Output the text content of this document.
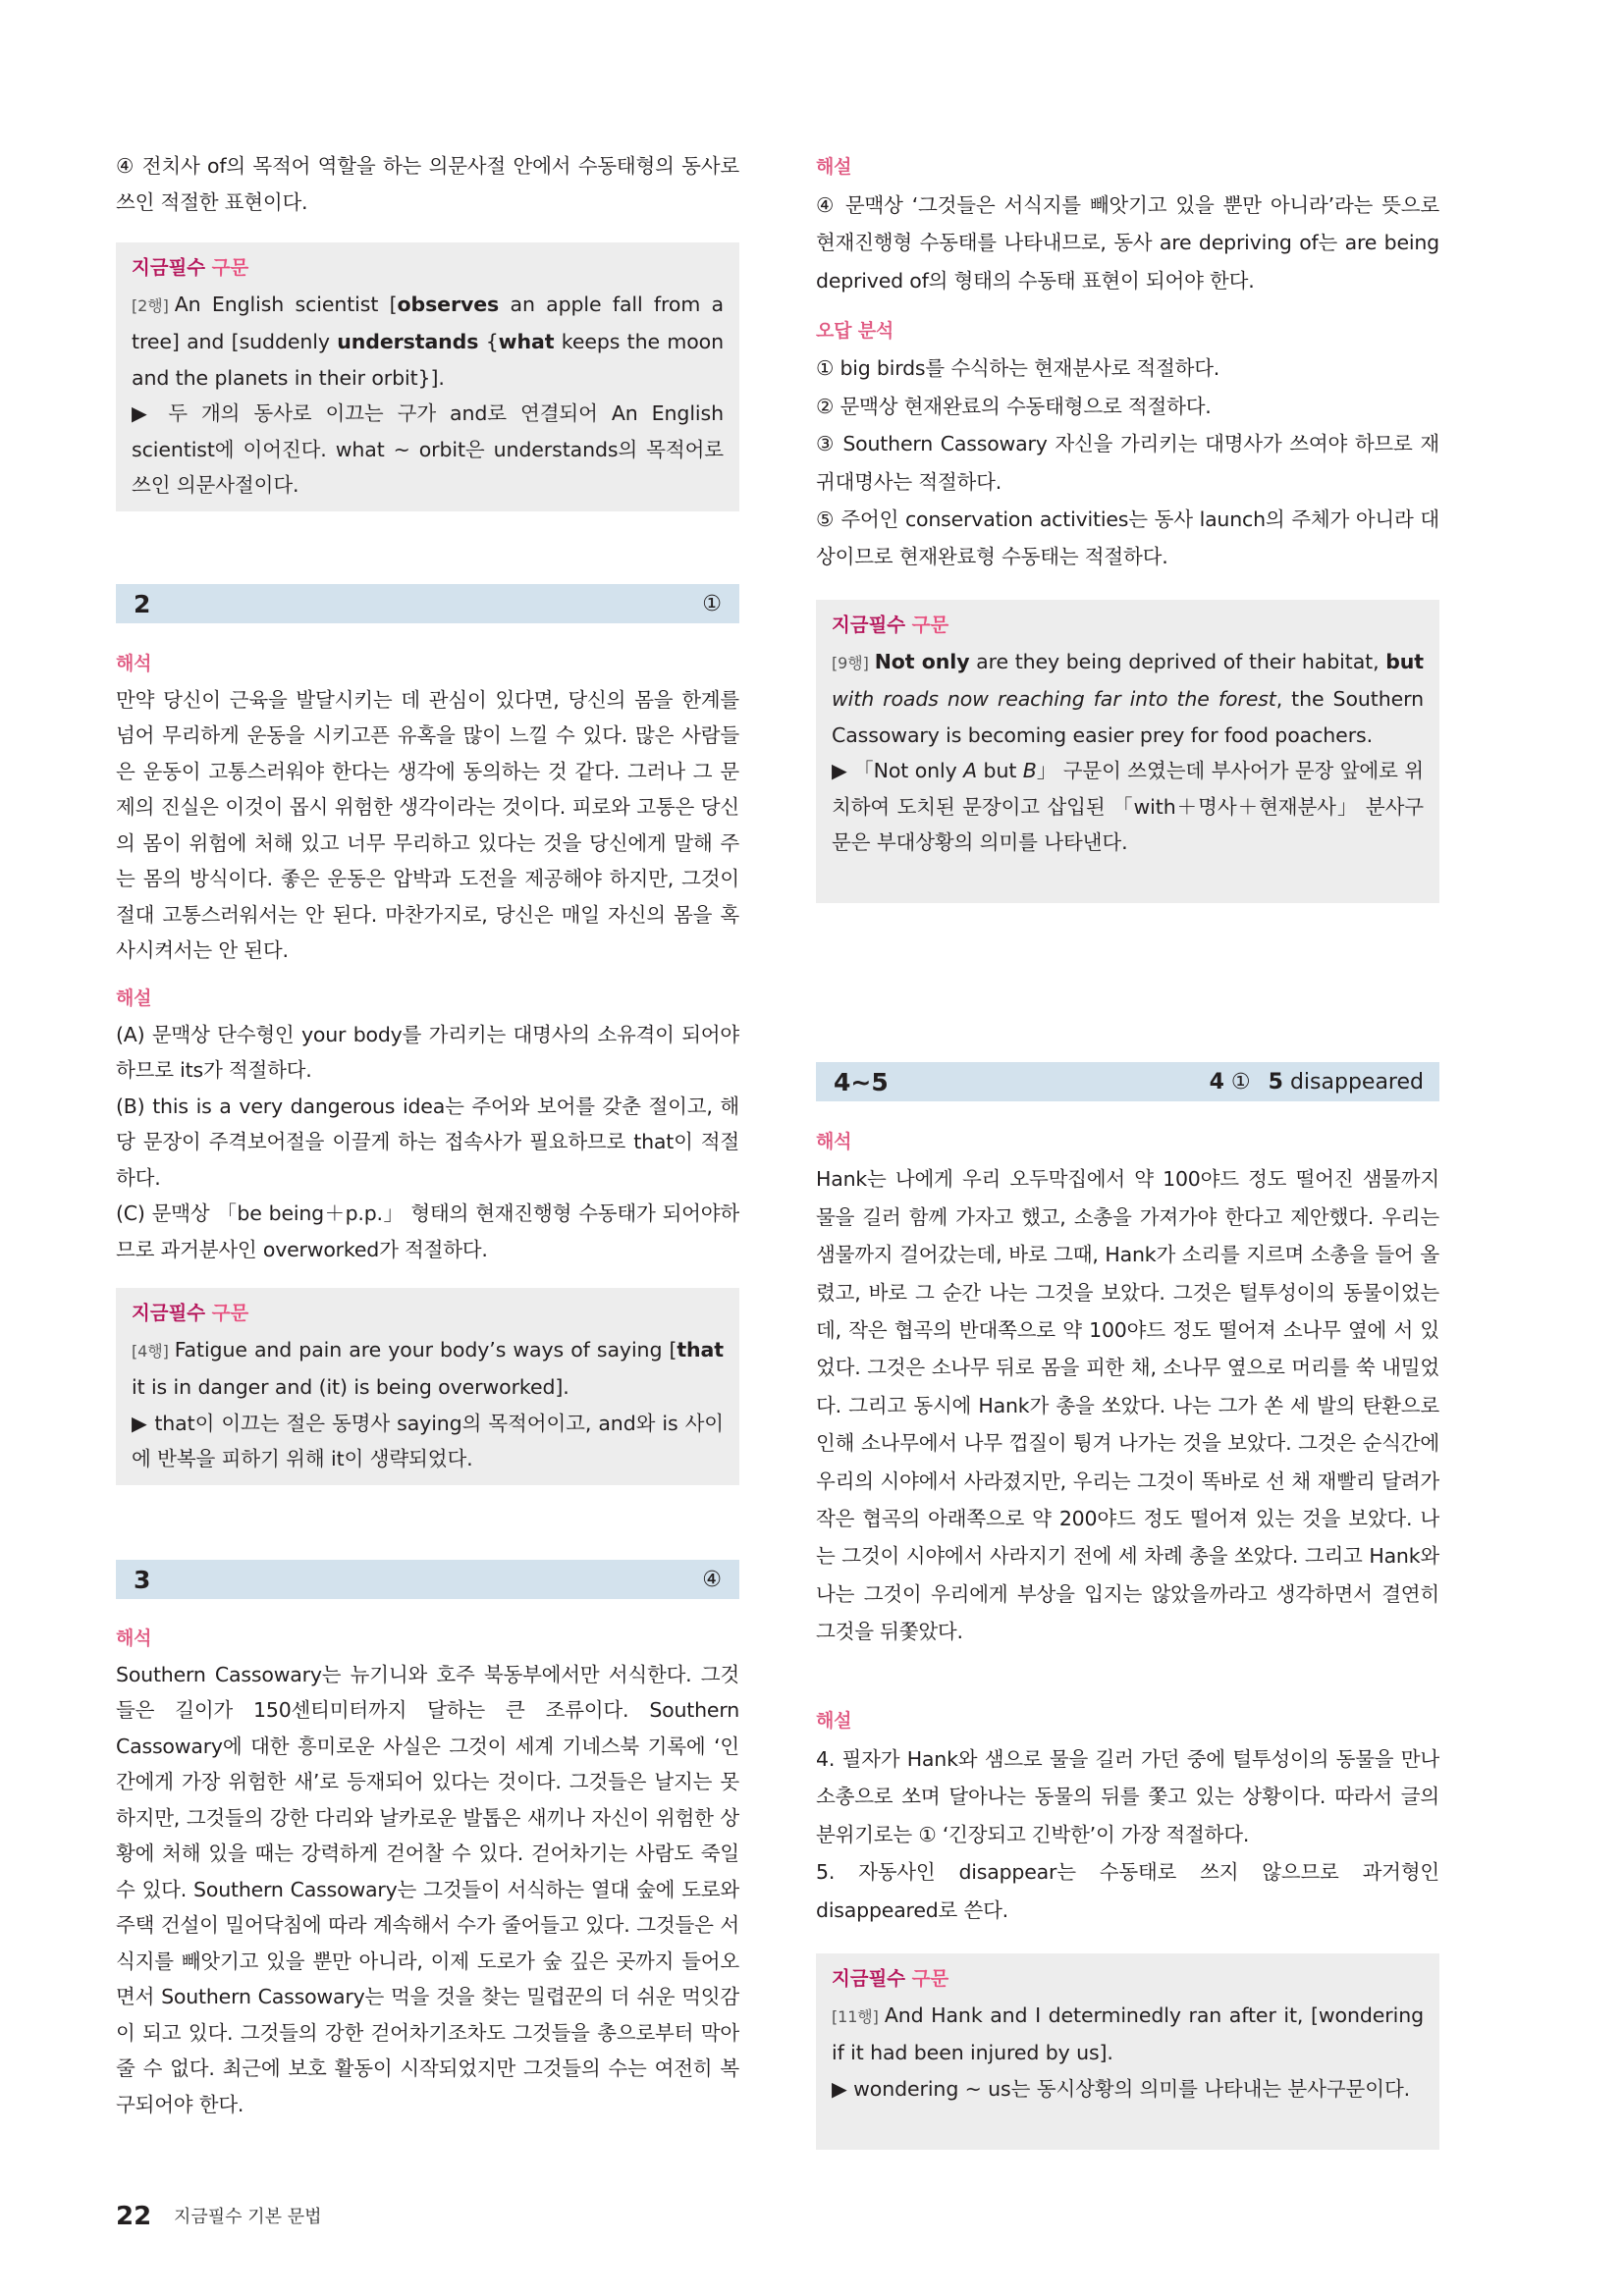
④ 전치사 of의 목적어 역할을 하는 의문사절 안에서 수동태형의 동사로 쓰인 적절한 표현이다.
지금필수 구문
[2행] An English scientist [observes an apple fall from a tree] and [suddenly understands {what keeps the moon and the planets in their orbit}].
▶ 두 개의 동사로 이끄는 구가 and로 연결되어 An English scientist에 이어진다. what ~ orbit은 understands의 목적어로 쓰인 의문사절이다.
2	①
해석
만약 당신이 근육을 발달시키는 데 관심이 있다면, 당신의 몸을 한계를 넘어 무리하게 운동을 시키고픈 유혹을 많이 느낄 수 있다. 많은 사람들은 운동이 고통스러워야 한다는 생각에 동의하는 것 같다. 그러나 그 문제의 진실은 이것이 몹시 위험한 생각이라는 것이다. 피로와 고통은 당신의 몸이 위험에 처해 있고 너무 무리하고 있다는 것을 당신에게 말해 주는 몸의 방식이다. 좋은 운동은 압박과 도전을 제공해야 하지만, 그것이 절대 고통스러워서는 안 된다. 마찬가지로, 당신은 매일 자신의 몸을 혹사시켜서는 안 된다.
해설
(A) 문맥상 단수형인 your body를 가리키는 대명사의 소유격이 되어야 하므로 its가 적절하다.
(B) this is a very dangerous idea는 주어와 보어를 갖춘 절이고, 해당 문장이 주격보어절을 이끌게 하는 접속사가 필요하므로 that이 적절하다.
(C) 문맥상 「be being＋p.p.」 형태의 현재진행형 수동태가 되어야하므로 과거분사인 overworked가 적절하다.
지금필수 구문
[4행] Fatigue and pain are your body’s ways of saying [that it is in danger and (it) is being overworked].
▶ that이 이끄는 절은 동명사 saying의 목적어이고, and와 is 사이에 반복을 피하기 위해 it이 생략되었다.
3	④
해석
Southern Cassowary는 뉴기니와 호주 북동부에서만 서식한다. 그것들은 길이가 150센티미터까지 달하는 큰 조류이다. Southern Cassowary에 대한 흥미로운 사실은 그것이 세계 기네스북 기록에 ‘인간에게 가장 위험한 새’로 등재되어 있다는 것이다. 그것들은 날지는 못하지만, 그것들의 강한 다리와 날카로운 발톱은 새끼나 자신이 위험한 상황에 처해 있을 때는 강력하게 걷어찰 수 있다. 걷어차기는 사람도 죽일 수 있다. Southern Cassowary는 그것들이 서식하는 열대 숲에 도로와 주택 건설이 밀어닥침에 따라 계속해서 수가 줄어들고 있다. 그것들은 서식지를 빼앗기고 있을 뿐만 아니라, 이제 도로가 숲 깊은 곳까지 들어오면서 Southern Cassowary는 먹을 것을 찾는 밀렵꾼의 더 쉬운 먹잇감이 되고 있다. 그것들의 강한 걷어차기조차도 그것들을 총으로부터 막아줄 수 없다. 최근에 보호 활동이 시작되었지만 그것들의 수는 여전히 복구되어야 한다.
해설
④ 문맥상 ‘그것들은 서식지를 빼앗기고 있을 뿐만 아니라’라는 뜻으로 현재진행형 수동태를 나타내므로, 동사 are depriving of는 are being deprived of의 형태의 수동태 표현이 되어야 한다.
오답 분석
① big birds를 수식하는 현재분사로 적절하다.
② 문맥상 현재완료의 수동태형으로 적절하다.
③ Southern Cassowary 자신을 가리키는 대명사가 쓰여야 하므로 재귀대명사는 적절하다.
⑤ 주어인 conservation activities는 동사 launch의 주체가 아니라 대상이므로 현재완료형 수동태는 적절하다.
지금필수 구문
[9행] Not only are they being deprived of their habitat, but with roads now reaching far into the forest, the Southern Cassowary is becoming easier prey for food poachers.
▶ 「Not only A but B」 구문이 쓰였는데 부사어가 문장 앞에로 위치하여 도치된 문장이고 삽입된 「with＋명사＋현재분사」 분사구문은 부대상황의 의미를 나타낸다.
4~5	4 ① 5 disappeared
해석
Hank는 나에게 우리 오두막집에서 약 100야드 정도 떨어진 샘물까지 물을 길러 함께 가자고 했고, 소총을 가져가야 한다고 제안했다. 우리는 샘물까지 걸어갔는데, 바로 그때, Hank가 소리를 지르며 소총을 들어 올렸고, 바로 그 순간 나는 그것을 보았다. 그것은 털투성이의 동물이었는데, 작은 협곡의 반대쪽으로 약 100야드 정도 떨어져 소나무 옆에 서 있었다. 그것은 소나무 뒤로 몸을 피한 채, 소나무 옆으로 머리를 쑥 내밀었다. 그리고 동시에 Hank가 총을 쏘았다. 나는 그가 쏜 세 발의 탄환으로 인해 소나무에서 나무 껍질이 튕겨 나가는 것을 보았다. 그것은 순식간에 우리의 시야에서 사라졌지만, 우리는 그것이 똑바로 선 채 재빨리 달려가 작은 협곡의 아래쪽으로 약 200야드 정도 떨어져 있는 것을 보았다. 나는 그것이 시야에서 사라지기 전에 세 차례 총을 쏘았다. 그리고 Hank와 나는 그것이 우리에게 부상을 입지는 않았을까라고 생각하면서 결연히 그것을 뒤쫓았다.
해설
4. 필자가 Hank와 샘으로 물을 길러 가던 중에 털투성이의 동물을 만나 소총으로 쏘며 달아나는 동물의 뒤를 쫓고 있는 상황이다. 따라서 글의 분위기로는 ① ‘긴장되고 긴박한’이 가장 적절하다.
5. 자동사인 disappear는 수동태로 쓰지 않으므로 과거형인 disappeared로 쓴다.
지금필수 구문
[11행] And Hank and I determinedly ran after it, [wondering if it had been injured by us].
▶ wondering ~ us는 동시상황의 의미를 나타내는 분사구문이다.
22 지금필수 기본 문법
